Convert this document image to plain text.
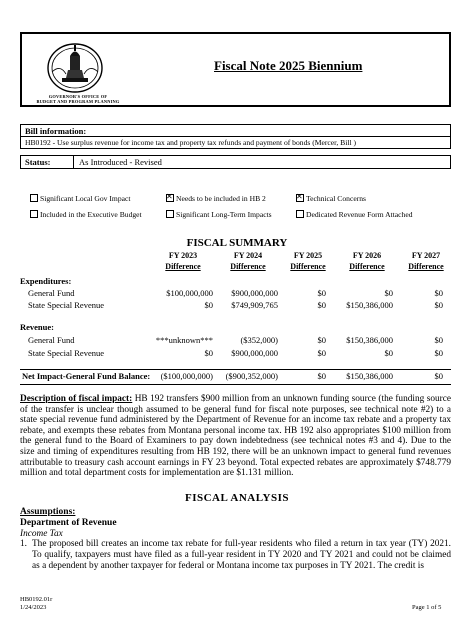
GOVERNOR'S OFFICE OF
BUDGET AND PROGRAM PLANNING
Fiscal Note 2025 Biennium
Bill information:
HB0192 - Use surplus revenue for income tax and property tax refunds and payment of bonds (Mercer, Bill )
Status:	As Introduced - Revised
Significant Local Gov Impact ✕	Needs to be included in HB 2 ✕	Technical Concerns
Included in the Executive Budget	Significant Long-Term Impacts	Dedicated Revenue Form Attached
FISCAL SUMMARY
FY 2023
Difference
FY 2024
Difference
FY 2025
Difference
FY 2026
Difference
FY 2027
Difference
Expenditures:
General Fund	$100,000,000	$900,000,000	$0	$0	$0
State Special Revenue	$0	$749,909,765	$0	$150,386,000	$0
Revenue:
General Fund	***unknown***	($352,000)	$0	$150,386,000	$0
State Special Revenue	$0	$900,000,000	$0	$0	$0
Net Impact-General Fund Balance:	($100,000,000)	($900,352,000)	$0	$150,386,000	$0
Description of fiscal impact: HB 192 transfers $900 million from an unknown funding source (the funding source of the transfer is unclear though assumed to be general fund for fiscal note purposes, see technical note #2) to a state special revenue fund administered by the Department of Revenue for an income tax rebate and a property tax rebate, and exempts these rebates from Montana personal income tax. HB 192 also appropriates $100 million from the general fund to the Board of Examiners to pay down indebtedness (see technical notes #3 and 4). Due to the size and timing of expenditures resulting from HB 192, there will be an unknown impact to general fund revenues attributable to treasury cash account earnings in FY 23 beyond. Total expected rebates are approximately $748.779 million and total department costs for implementation are $1.131 million.
FISCAL ANALYSIS
Assumptions:
Department of Revenue
Income Tax
1. The proposed bill creates an income tax rebate for full-year residents who filed a return in tax year (TY) 2021. To qualify, taxpayers must have filed as a full-year resident in TY 2020 and TY 2021 and could not be claimed as a dependent by another taxpayer for federal or Montana income tax purposes in TY 2021. The credit is
HB0192.01r
1/24/2023	Page 1 of 5
